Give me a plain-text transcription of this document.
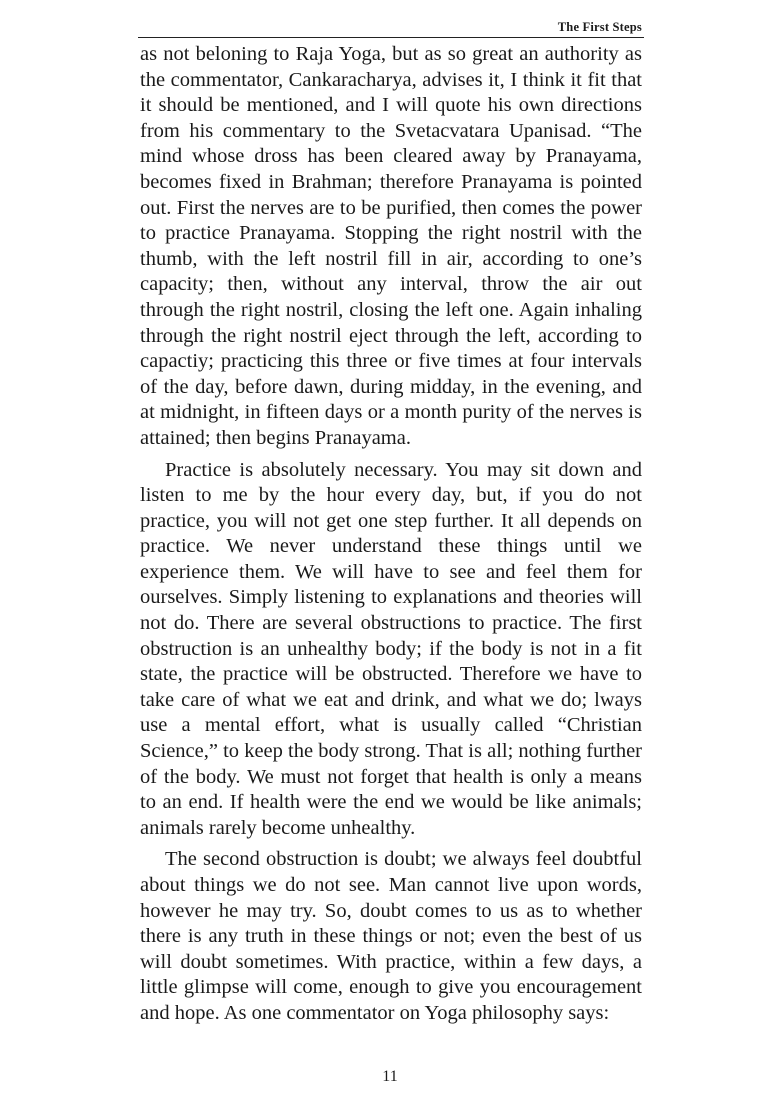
The First Steps

as not beloning to Raja Yoga, but as so great an authority as the commentator, Cankaracharya, advises it, I think it fit that it should be mentioned, and I will quote his own directions from his commentary to the Svetacvatara Upanisad. “The mind whose dross has been cleared away by Pranayama, becomes fixed in Brahman; therefore Pranayama is pointed out. First the nerves are to be purified, then comes the power to practice Pranayama. Stopping the right nostril with the thumb, with the left nostril fill in air, according to one’s capacity; then, without any interval, throw the air out through the right nostril, closing the left one. Again inhaling through the right nostril eject through the left, according to capactiy; practicing this three or five times at four intervals of the day, before dawn, during midday, in the evening, and at midnight, in fifteen days or a month purity of the nerves is attained; then begins Pranayama.

Practice is absolutely necessary. You may sit down and listen to me by the hour every day, but, if you do not practice, you will not get one step further. It all depends on practice. We never understand these things until we experience them. We will have to see and feel them for ourselves. Simply listening to explanations and theories will not do. There are several obstructions to practice. The first obstruction is an unhealthy body; if the body is not in a fit state, the practice will be obstructed. Therefore we have to take care of what we eat and drink, and what we do; lways use a mental effort, what is usually called “Christian Science,” to keep the body strong. That is all; nothing further of the body. We must not forget that health is only a means to an end. If health were the end we would be like animals; animals rarely become unhealthy.

The second obstruction is doubt; we always feel doubtful about things we do not see. Man cannot live upon words, however he may try. So, doubt comes to us as to whether there is any truth in these things or not; even the best of us will doubt sometimes. With practice, within a few days, a little glimpse will come, enough to give you encouragement and hope. As one commentator on Yoga philosophy says:

11
